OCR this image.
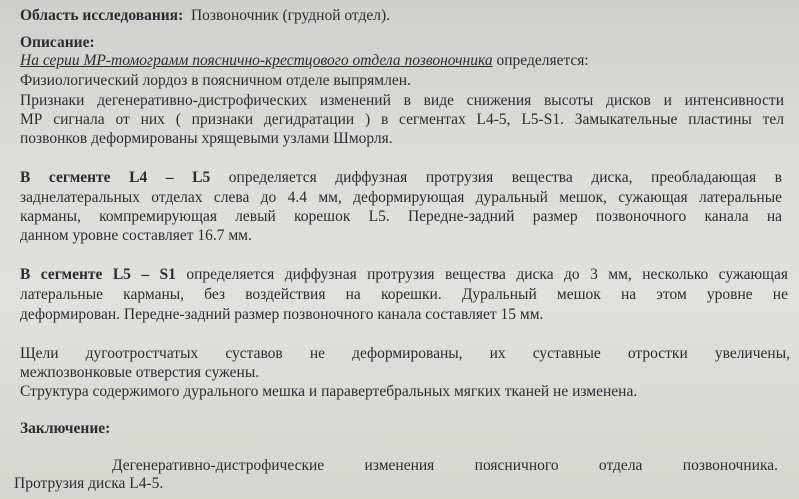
Область исследования: Позвоночник (грудной отдел).
Описание:
На серии МР-томограмм пояснично-крестцового отдела позвоночника определяется:
Физиологический лордоз в поясничном отделе выпрямлен.
Признаки дегенеративно-дистрофических изменений в виде снижения высоты дисков и интенсивности
МР сигнала от них ( признаки дегидратации ) в сегментах L4-5, L5-S1. Замыкательные пластины тел
позвонков деформированы хрящевыми узлами Шморля.
В сегменте L4 – L5 определяется диффузная протрузия вещества диска, преобладающая в
заднелатеральных отделах слева до 4.4 мм, деформирующая дуральный мешок, сужающая латеральные
карманы, компремирующая левый корешок L5. Передне-задний размер позвоночного канала на
данном уровне составляет 16.7 мм.
В сегменте L5 – S1 определяется диффузная протрузия вещества диска до 3 мм, несколько сужающая
латеральные карманы, без воздействия на корешки. Дуральный мешок на этом уровне не
деформирован. Передне-задний размер позвоночного канала составляет 15 мм.
Щели дугоотростчатых суставов не деформированы, их суставные отростки увеличены,
межпозвонковые отверстия сужены.
Структура содержимого дурального мешка и паравертебральных мягких тканей не изменена.
Заключение:
Дегенеративно-дистрофические изменения поясничного отдела позвоночника.
Протрузия диска L4-5.
